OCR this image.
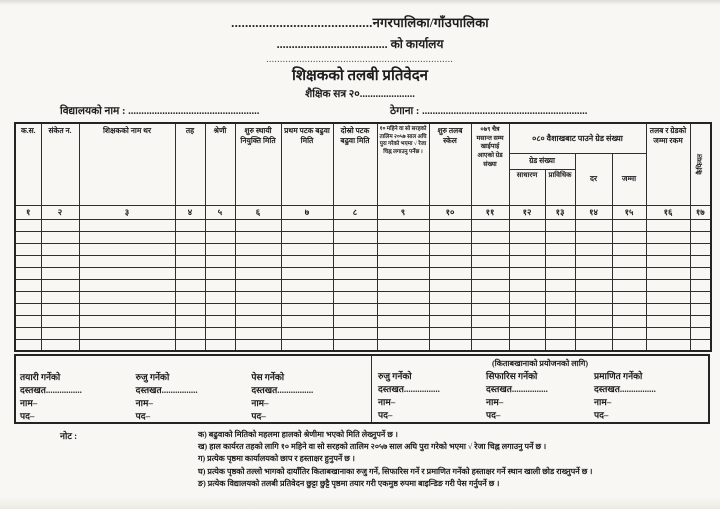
.........................................नगरपालिका/गाँउपालिका
..................................... को कार्यालय
....................................................................
शिक्षकको तलबी प्रतिवेदन
शैक्षिक सत्र २०.....................
विद्यालयको नाम : ..................................................	ठेगाना : ...............................................................
क.स.	संकेत न.	शिक्षकको नाम थर	तह	श्रेणी	शुरु स्थायी नियुक्ति मिति	प्रथम पटक बढुवा मिति	दोस्रो पटक बढुवा मिति	१० महिने वा सो सरहको तालिम २०५७ साल अघि पुरा गरेको भएमा √ रेजा चिह्न लगाउनु पर्नेछ ।	शुरु तलब स्केल	०७९ चैत्र मसान्त सम्म खाईपाई आएको ग्रेड संख्या	०८० वैशाखबाट पाउने ग्रेड संख्या				तलब र ग्रेडको जम्मा रकम	कैफियत
											ग्रेड संख्या		दर	जम्मा		
											साधारण	प्राविधिक				
१	२	३	४	५	६	७	८	९	१०	११	१२	१३	१४	१५	१६	१७

तयारी गर्नेको
दस्तखत................
नाम–
पद–
रुजु गर्नेको
दस्तखत................
नाम–
पद–
पेस गर्नेको
दस्तखत................
नाम–
पद–
(किताबखानाको प्रयोजनको लागि)
रुजु गर्नेको
दस्तखत................
नाम–
पद–
सिफारिस गर्नेको
दस्तखत................
नाम–
पद–
प्रमाणित गर्नेको
दस्तखत................
नाम–
पद–
नोट :	क) बढुवाको मितिको महलमा हालको श्रेणीमा भएको मिति लेख्नुपर्ने छ ।
ख) हाल कार्यरत तहको लागि १० महिने वा सो सरहको तालिम २०५७ साल अघि पुरा गरेको भएमा √ रेजा चिह्न लगाउनु पर्ने छ ।
ग) प्रत्येक पृष्ठमा कार्यालयको छाप र हस्ताक्षर हुनुपर्ने छ ।
घ) प्रत्येक पृष्ठको तल्लो भागको दायाँतिर किताबखानाका रुजु गर्ने, सिफारिस गर्ने र प्रमाणित गर्नेको हस्ताक्षर गर्ने स्थान खाली छोड राख्नुपर्ने छ ।
ङ) प्रत्येक विद्यालयको तलबी प्रतिवेदन छुट्टा छुट्टै पृष्ठमा तयार गरी एकमुष्ठ रुपमा बाइन्डिङ गरी पेस गर्नुपर्ने छ ।
